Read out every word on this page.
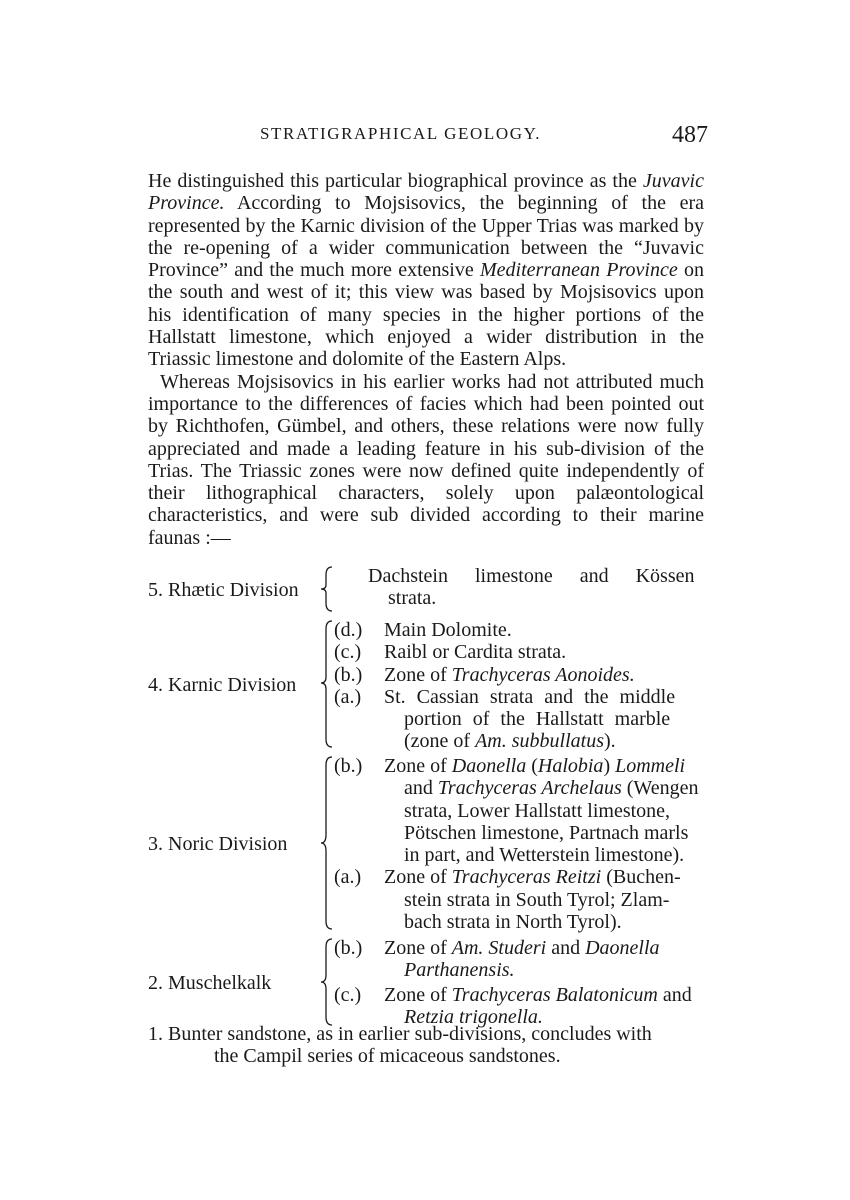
STRATIGRAPHICAL GEOLOGY.	487

He distinguished this particular biographical province as the Juvavic Province. According to Mojsisovics, the beginning of the era represented by the Karnic division of the Upper Trias was marked by the re-opening of a wider communication between the “Juvavic Province” and the much more extensive Mediterranean Province on the south and west of it; this view was based by Mojsisovics upon his identification of many species in the higher portions of the Hallstatt limestone, which enjoyed a wider distribution in the Triassic limestone and dolomite of the Eastern Alps.

Whereas Mojsisovics in his earlier works had not attributed much importance to the differences of facies which had been pointed out by Richthofen, Gümbel, and others, these relations were now fully appreciated and made a leading feature in his sub-division of the Trias. The Triassic zones were now defined quite independently of their lithographical characters, solely upon palæontological characteristics, and were sub divided according to their marine faunas :—

5. Rhætic Division
Dachstein limestone and Kössen
strata.
4. Karnic Division
(d.)	Main Dolomite.
(c.)	Raibl or Cardita strata.
(b.)	Zone of Trachyceras Aonoides.
(a.)	St. Cassian strata and the middle
portion of the Hallstatt marble
(zone of Am. subbullatus).
3. Noric Division
(b.)	Zone of Daonella (Halobia) Lommeli
and Trachyceras Archelaus (Wengen
strata, Lower Hallstatt limestone,
Pötschen limestone, Partnach marls
in part, and Wetterstein limestone).
(a.)	Zone of Trachyceras Reitzi (Buchen-
stein strata in South Tyrol; Zlam-
bach strata in North Tyrol).
2. Muschelkalk
(b.)	Zone of Am. Studeri and Daonella
Parthanensis.
(c.)	Zone of Trachyceras Balatonicum and
Retzia trigonella.
1. Bunter sandstone, as in earlier sub-divisions, concludes with
the Campil series of micaceous sandstones.
